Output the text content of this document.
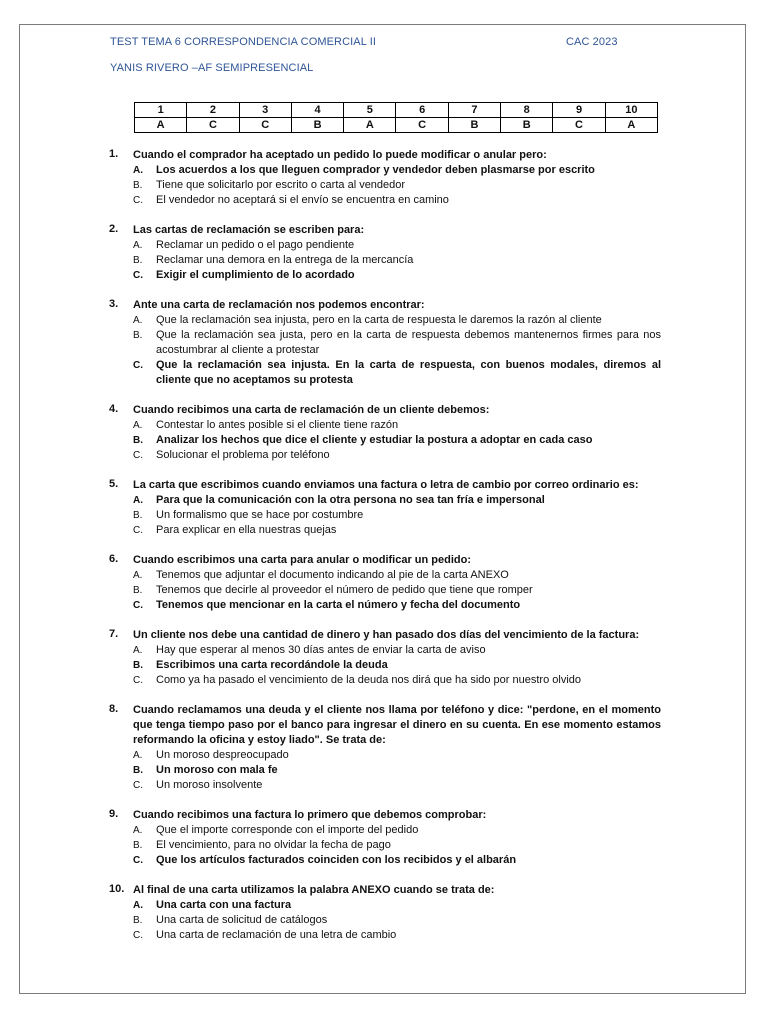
TEST TEMA 6 CORRESPONDENCIA COMERCIAL II	CAC 2023
YANIS RIVERO –AF SEMIPRESENCIAL
1	2	3	4	5	6	7	8	9	10
A	C	C	B	A	C	B	B	C	A
1.	Cuando el comprador ha aceptado un pedido lo puede modificar o anular pero:
A. Los acuerdos a los que lleguen comprador y vendedor deben plasmarse por escrito
B. Tiene que solicitarlo por escrito o carta al vendedor
C. El vendedor no aceptará si el envío se encuentra en camino
2.	Las cartas de reclamación se escriben para:
A. Reclamar un pedido o el pago pendiente
B. Reclamar una demora en la entrega de la mercancía
C. Exigir el cumplimiento de lo acordado
3.	Ante una carta de reclamación nos podemos encontrar:
A. Que la reclamación sea injusta, pero en la carta de respuesta le daremos la razón al cliente
B. Que la reclamación sea justa, pero en la carta de respuesta debemos mantenernos firmes para nos acostumbrar al cliente a protestar
C. Que la reclamación sea injusta. En la carta de respuesta, con buenos modales, diremos al cliente que no aceptamos su protesta
4.	Cuando recibimos una carta de reclamación de un cliente debemos:
A. Contestar lo antes posible si el cliente tiene razón
B. Analizar los hechos que dice el cliente y estudiar la postura a adoptar en cada caso
C. Solucionar el problema por teléfono
5.	La carta que escribimos cuando enviamos una factura o letra de cambio por correo ordinario es:
A. Para que la comunicación con la otra persona no sea tan fría e impersonal
B. Un formalismo que se hace por costumbre
C. Para explicar en ella nuestras quejas
6.	Cuando escribimos una carta para anular o modificar un pedido:
A. Tenemos que adjuntar el documento indicando al pie de la carta ANEXO
B. Tenemos que decirle al proveedor el número de pedido que tiene que romper
C. Tenemos que mencionar en la carta el número y fecha del documento
7.	Un cliente nos debe una cantidad de dinero y han pasado dos días del vencimiento de la factura:
A. Hay que esperar al menos 30 días antes de enviar la carta de aviso
B. Escribimos una carta recordándole la deuda
C. Como ya ha pasado el vencimiento de la deuda nos dirá que ha sido por nuestro olvido
8.	Cuando reclamamos una deuda y el cliente nos llama por teléfono y dice: "perdone, en el momento que tenga tiempo paso por el banco para ingresar el dinero en su cuenta. En ese momento estamos reformando la oficina y estoy liado". Se trata de:
A. Un moroso despreocupado
B. Un moroso con mala fe
C. Un moroso insolvente
9.	Cuando recibimos una factura lo primero que debemos comprobar:
A. Que el importe corresponde con el importe del pedido
B. El vencimiento, para no olvidar la fecha de pago
C. Que los artículos facturados coinciden con los recibidos y el albarán
10. Al final de una carta utilizamos la palabra ANEXO cuando se trata de:
A. Una carta con una factura
B. Una carta de solicitud de catálogos
C. Una carta de reclamación de una letra de cambio
